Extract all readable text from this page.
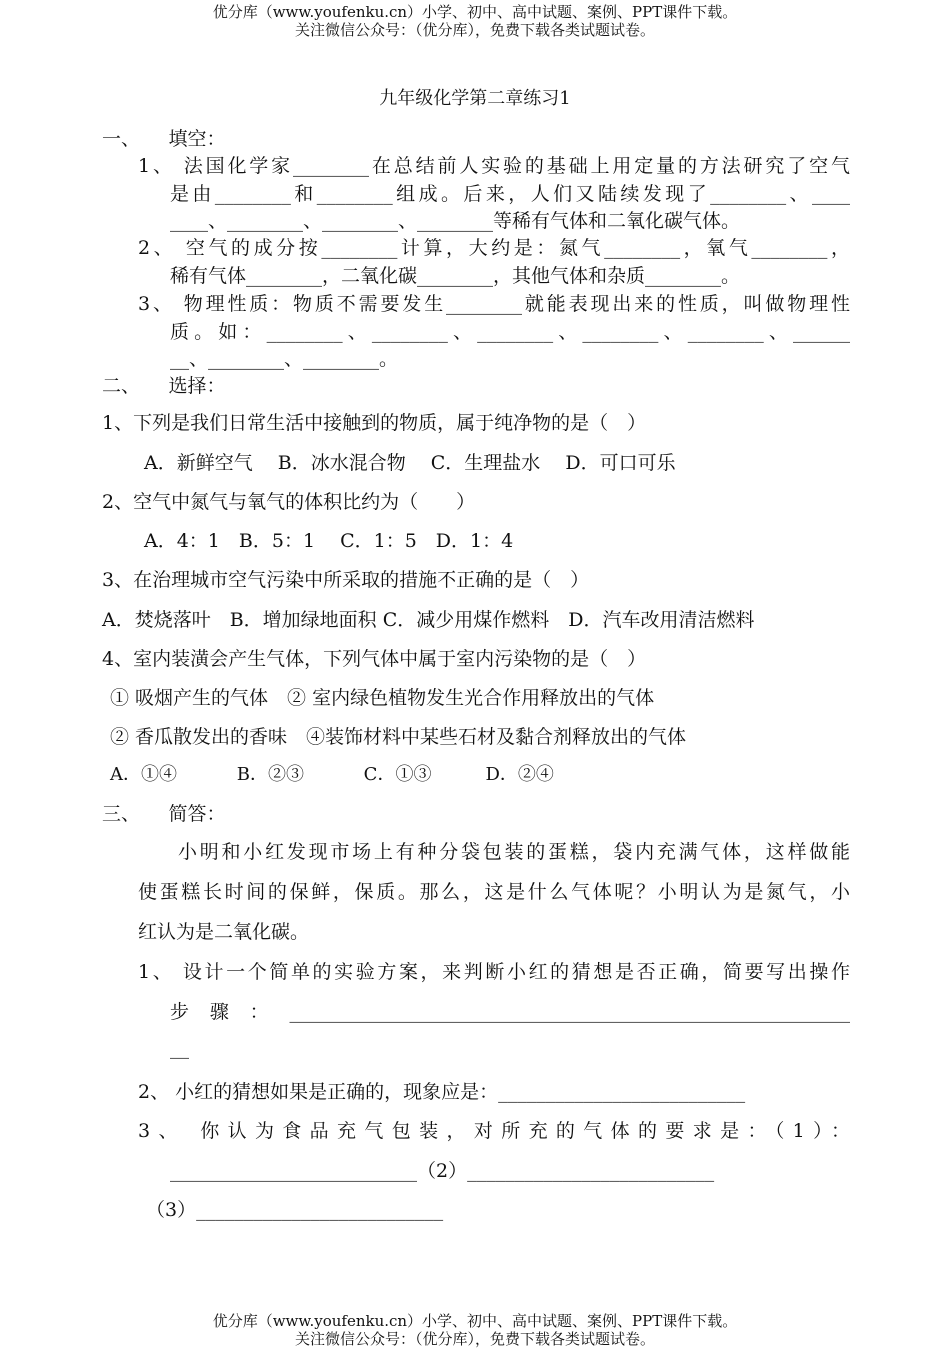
优分库（www.youfenku.cn）小学、初中、高中试题、案例、PPT课件下载。
关注微信公众号：（优分库），免费下载各类试题试卷。
九年级化学第二章练习1
一、　　填空：
1、 法国化学家________在总结前人实验的基础上用定量的方法研究了空气
是由________和________组成。后来，人们又陆续发现了________、____
____、________、________、________等稀有气体和二氧化碳气体。
2、 空气的成分按________计算，大约是：氮气________，氧气________，
稀有气体________，二氧化碳________，其他气体和杂质________。
3、 物理性质：物质不需要发生________就能表现出来的性质，叫做物理性
质。如：________、________、________、________、________、______
__、________、________。
二、　　选择：
1、下列是我们日常生活中接触到的物质，属于纯净物的是（　）
A．新鲜空气　 B．冰水混合物　 C．生理盐水　 D．可口可乐
2、空气中氮气与氧气的体积比约为（　　）
A．4：1　B．5：1　 C．1：5　D．1：4
3、在治理城市空气污染中所采取的措施不正确的是（　）
A．焚烧落叶　B．增加绿地面积 C．减少用煤作燃料　D．汽车改用清洁燃料
4、室内装潢会产生气体，下列气体中属于室内污染物的是（　）
① 吸烟产生的气体　② 室内绿色植物发生光合作用释放出的气体
② 香瓜散发出的香味　④装饰材料中某些石材及黏合剂释放出的气体
A．①④　　　 B．②③　　　 C．①③　　　D．②④
三、　　简答：
小明和小红发现市场上有种分袋包装的蛋糕，袋内充满气体，这样做能
使蛋糕长时间的保鲜，保质。那么，这是什么气体呢？小明认为是氮气，小
红认为是二氧化碳。
1、 设计一个简单的实验方案，来判断小红的猜想是否正确，简要写出操作
步骤：___________________________________________________________
__
2、 小红的猜想如果是正确的，现象应是：__________________________
3、 你认为食品充气包装，对所充的气体的要求是：（1）：
__________________________（2）__________________________
（3）__________________________
优分库（www.youfenku.cn）小学、初中、高中试题、案例、PPT课件下载。
关注微信公众号：（优分库），免费下载各类试题试卷。
